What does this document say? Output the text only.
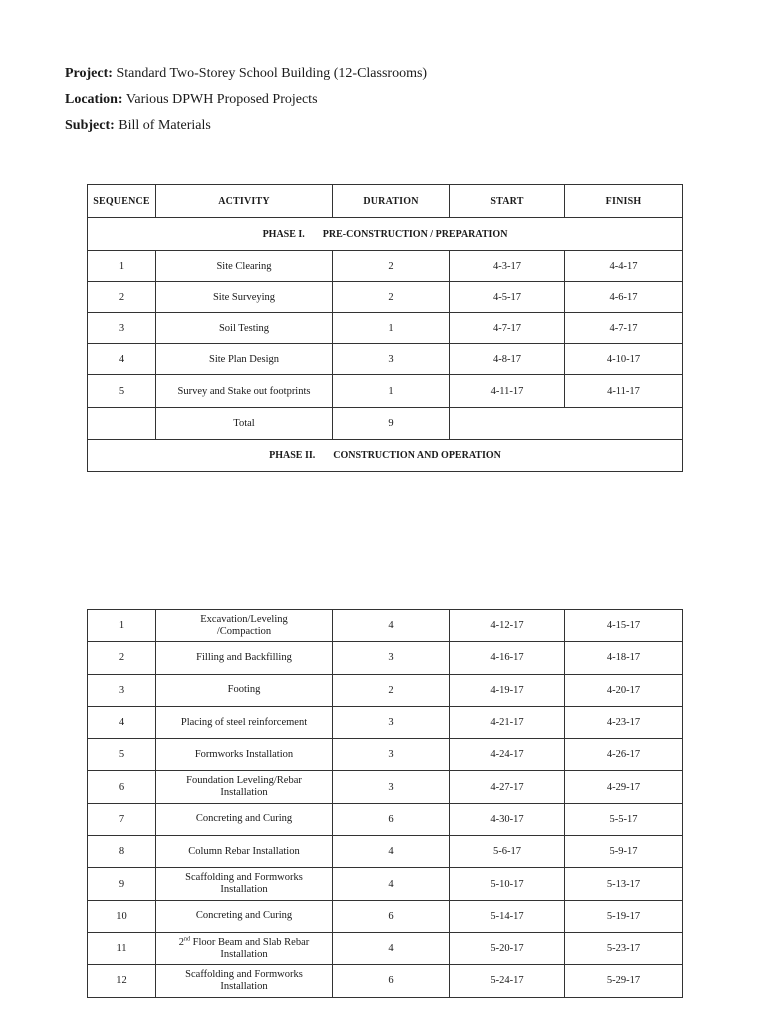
Project: Standard Two-Storey School Building (12-Classrooms)
Location: Various DPWH Proposed Projects
Subject: Bill of Materials
SEQUENCE	ACTIVITY	DURATION	START	FINISH
PHASE I. PRE-CONSTRUCTION / PREPARATION				
1	Site Clearing	2	4-3-17	4-4-17
2	Site Surveying	2	4-5-17	4-6-17
3	Soil Testing	1	4-7-17	4-7-17
4	Site Plan Design	3	4-8-17	4-10-17
5	Survey and Stake out footprints	1	4-11-17	4-11-17
	Total	9		
PHASE II. CONSTRUCTION AND OPERATION				
1	Excavation/Leveling
/Compaction	4	4-12-17	4-15-17
2	Filling and Backfilling	3	4-16-17	4-18-17
3	Footing	2	4-19-17	4-20-17
4	Placing of steel reinforcement	3	4-21-17	4-23-17
5	Formworks Installation	3	4-24-17	4-26-17
6	Foundation Leveling/Rebar
Installation	3	4-27-17	4-29-17
7	Concreting and Curing	6	4-30-17	5-5-17
8	Column Rebar Installation	4	5-6-17	5-9-17
9	Scaffolding and Formworks
Installation	4	5-10-17	5-13-17
10	Concreting and Curing	6	5-14-17	5-19-17
11	2nd Floor Beam and Slab Rebar
Installation	4	5-20-17	5-23-17
12	Scaffolding and Formworks
Installation	6	5-24-17	5-29-17
